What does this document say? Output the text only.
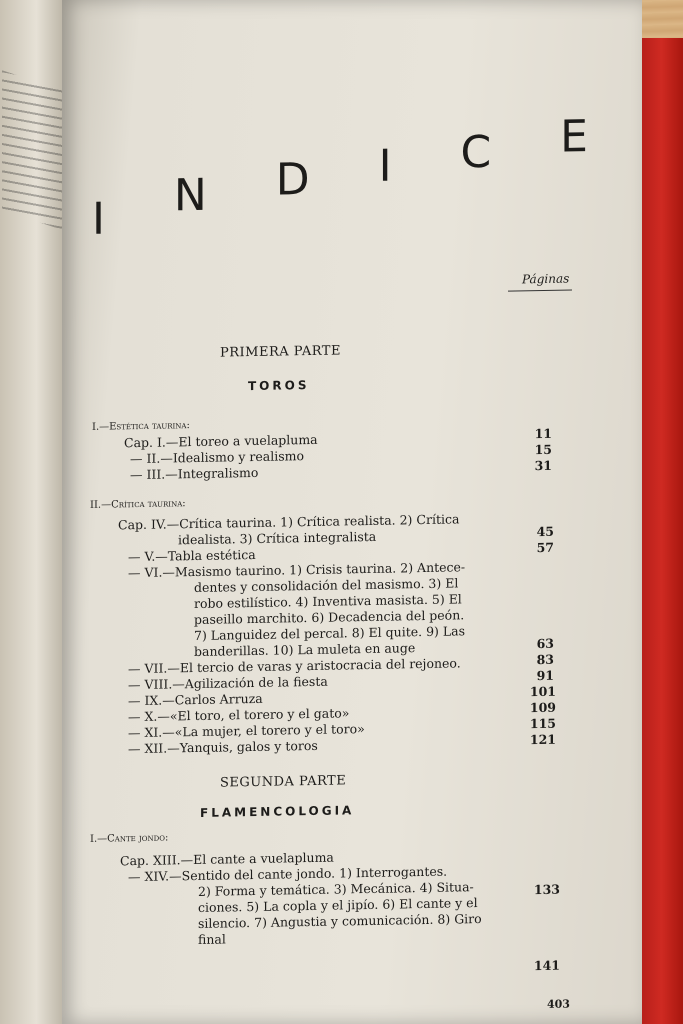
I N D I C E
Páginas
PRIMERA PARTE
TOROS
I.—Estética taurina:
Cap. I.—El toreo a vuelapluma
— II.—Idealismo y realismo
— III.—Integralismo
11
15
31
II.—Crítica taurina:
Cap. IV.—Crítica taurina. 1) Crítica realista. 2) Crítica
idealista. 3) Crítica integralista
— V.—Tabla estética
— VI.—Masismo taurino. 1) Crisis taurina. 2) Antece-
dentes y consolidación del masismo. 3) El
robo estilístico. 4) Inventiva masista. 5) El
paseillo marchito. 6) Decadencia del peón.
7) Languidez del percal. 8) El quite. 9) Las
banderillas. 10) La muleta en auge
— VII.—El tercio de varas y aristocracia del rejoneo.
— VIII.—Agilización de la fiesta
— IX.—Carlos Arruza
— X.—«El toro, el torero y el gato»
— XI.—«La mujer, el torero y el toro»
— XII.—Yanquis, galos y toros
45
57
63
83
91
101
109
115
121
SEGUNDA PARTE
FLAMENCOLOGIA
I.—Cante jondo:
Cap. XIII.—El cante a vuelapluma
— XIV.—Sentido del cante jondo. 1) Interrogantes.
2) Forma y temática. 3) Mecánica. 4) Situa-
ciones. 5) La copla y el jipío. 6) El cante y el
silencio. 7) Angustia y comunicación. 8) Giro
final
133
141
403
